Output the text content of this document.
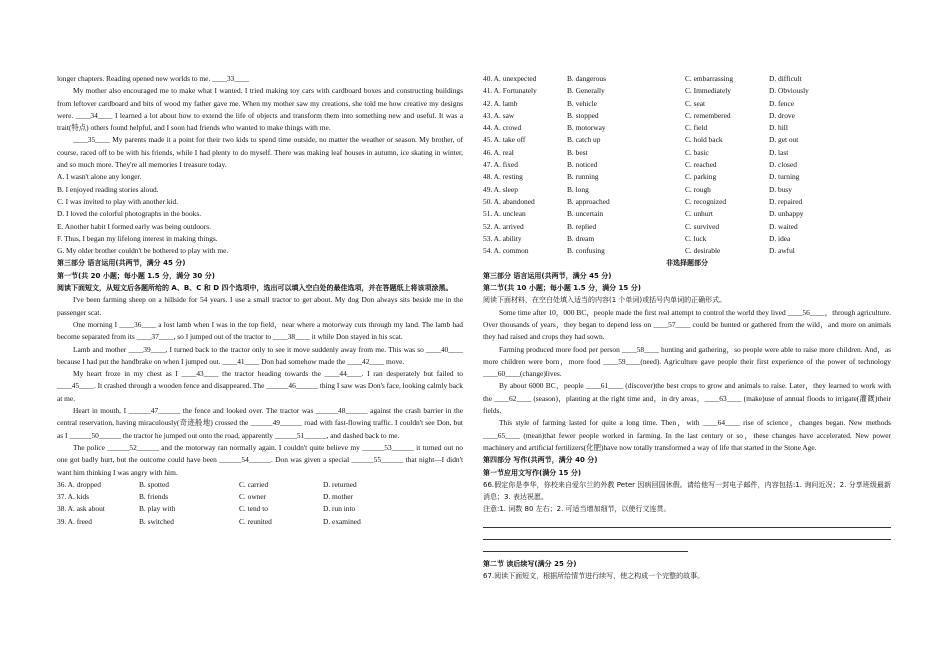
longer chapters. Reading opened new worlds to me. ____33____

My mother also encouraged me to make what I wanted. I tried making toy cars with cardboard boxes and constructing buildings from leftover cardboard and bits of wood my father gave me. When my mother saw my creations, she told me how creative my designs were. ____34____ I learned a lot about how to extend the life of objects and transform them into something new and useful. It was a trait(特点) others found helpful, and I soon had friends who wanted to make things with me.

____35____ My parents made it a point for their two kids to spend time outside, no matter the weather or season. My brother, of course, raced off to be with his friends, while I had plenty to do myself. There was making leaf houses in autumn, ice skating in winter, and so much more. They're all memories I treasure today.

A. I wasn't alone any longer.

B. I enjoyed reading stories aloud.

C. I was invited to play with another kid.

D. I loved the colorful photographs in the books.

E. Another habit I formed early was being outdoors.

F. Thus, I began my lifelong interest in making things.

G. My older brother couldn't be bothered to play with me.

第三部分 语言运用(共两节，满分 45 分)

第一节(共 20 小题；每小题 1.5 分，满分 30 分)

阅读下面短文，从短文后各题所给的 A、B、C 和 D 四个选项中，选出可以填入空白处的最佳选项，并在答题纸上将该项涂黑。

I've been farming sheep on a hillside for 54 years. I use a small tractor to get about. My dog Don always sits beside me in the passenger scat.

One morning I ____36____ a lost lamb when I was in the top field，near where a motorway cuts through my land. The lamb had become separated from its ____37____, so I jumped out of the tractor to ____38____ it while Don stayed in his scat.

Lamb and mother ____39____, I turned back to the tractor only to see it move suddenly away from me. This was so ____40____ because I had put the handbrake on when I jumped out. ____41____ Don had somehow made the ____42____ move.

My heart froze in my chest as I ____43____ the tractor heading towards the ____44____. I ran desperately but failed to ____45____. It crashed through a wooden fence and disappeared. The ______46______ thing I saw was Don's face, looking calmly back at me.

Heart in mouth, I ______47______ the fence and looked over. The tractor was ______48______ against the crash barrier in the central reservation, having miraculously(奇迹般地) crossed the ______49______ road with fast-flowing traffic. I couldn't see Don, but as I ______50______ the tractor he jumped out onto the road, apparently ______51______, and dashed back to me.

The police ______52______ and the motorway ran normally again. I couldn't quite believe my ______53______ it turned out no one got badly hurt, but the outcome could have been ______54______. Don was given a special ______55______ that night—I didn't want him thinking I was angry with him.

36. A. dropped	B. spotted	C. carried	D. returned
37. A. kids	B. friends	C. owner	D. mother
38. A. ask about	B. play with	C. tend to	D. run into
39. A. freed	B. switched	C. reunited	D. examined
40. A. unexpected	B. dangerous	C. embarrassing	D. difficult
41. A. Fortunately	B. Generally	C. Immediately	D. Obviously
42. A. lamb	B. vehicle	C. seat	D. fence
43. A. saw	B. stopped	C. remembered	D. drove
44. A. crowd	B. motorway	C. field	D. hill
45. A. take off	B. catch up	C. hold back	D. get out
46. A. real	B. best	C. basic	D. last
47. A. fixed	B. noticed	C. reached	D. closed
48. A. resting	B. running	C. parking	D. turning
49. A. sleep	B. long	C. rough	D. busy
50. A. abandoned	B. approached	C. recognized	D. repaired
51. A. unclean	B. uncertain	C. unhurt	D. unhappy
52. A. arrived	B. replied	C. survived	D. waited
53. A. ability	B. dream	C. luck	D. idea
54. A. common	B. confusing	C. desirable	D. awful

非选择题部分

第三部分 语言运用(共两节，满分 45 分)

第二节(共 10 小题；每小题 1.5 分，满分 15 分)

阅读下面材料，在空白处填入适当的内容(1 个单词)或括号内单词的正确形式。

Some time after 10，000 BC，people made the first real attempt to control the world they lived ____56____，through agriculture. Over thousands of years，they began to depend less on ____57____ could be hunted or gathered from the wild，and more on animals they had raised and crops they had sown.

Farming produced more food per person ____58____ hunting and gathering，so people were able to raise more children. And，as more children were born，more food ____59____(need). Agriculture gave people their first experience of the power of technology ____60____(change)lives.

By about 6000 BC，people ____61____ (discover)the best crops to grow and animals to raise. Later，they learned to work with the ____62____ (season)，planting at the right time and，in dry areas，____63____ (make)use of annual floods to irrigate(灌溉)their fields.

This style of farming lasted for quite a long time. Then，with ____64____ rise of science，changes began. New methods ____65____ (mean)that fewer people worked in farming. In the last century or so，these changes have accelerated. New power machinery and artificial fertilizers(化肥)have now totally transformed a way of life that started in the Stone Age.

第四部分 写作(共两节，满分 40 分)

第一节应用文写作(满分 15 分)

66.假定你是李华，你校来自爱尔兰的外教 Peter 因病回国休假。请给他写一封电子邮件，内容包括:1. 询问近况；2. 分享班级最新消息；3. 表达祝愿。

注意:1. 词数 80 左右；2. 可适当增加细节，以使行文连贯。

第二节 读后续写(满分 25 分)

67.阅读下面短文，根据所给情节进行续写，使之构成一个完整的故事。
